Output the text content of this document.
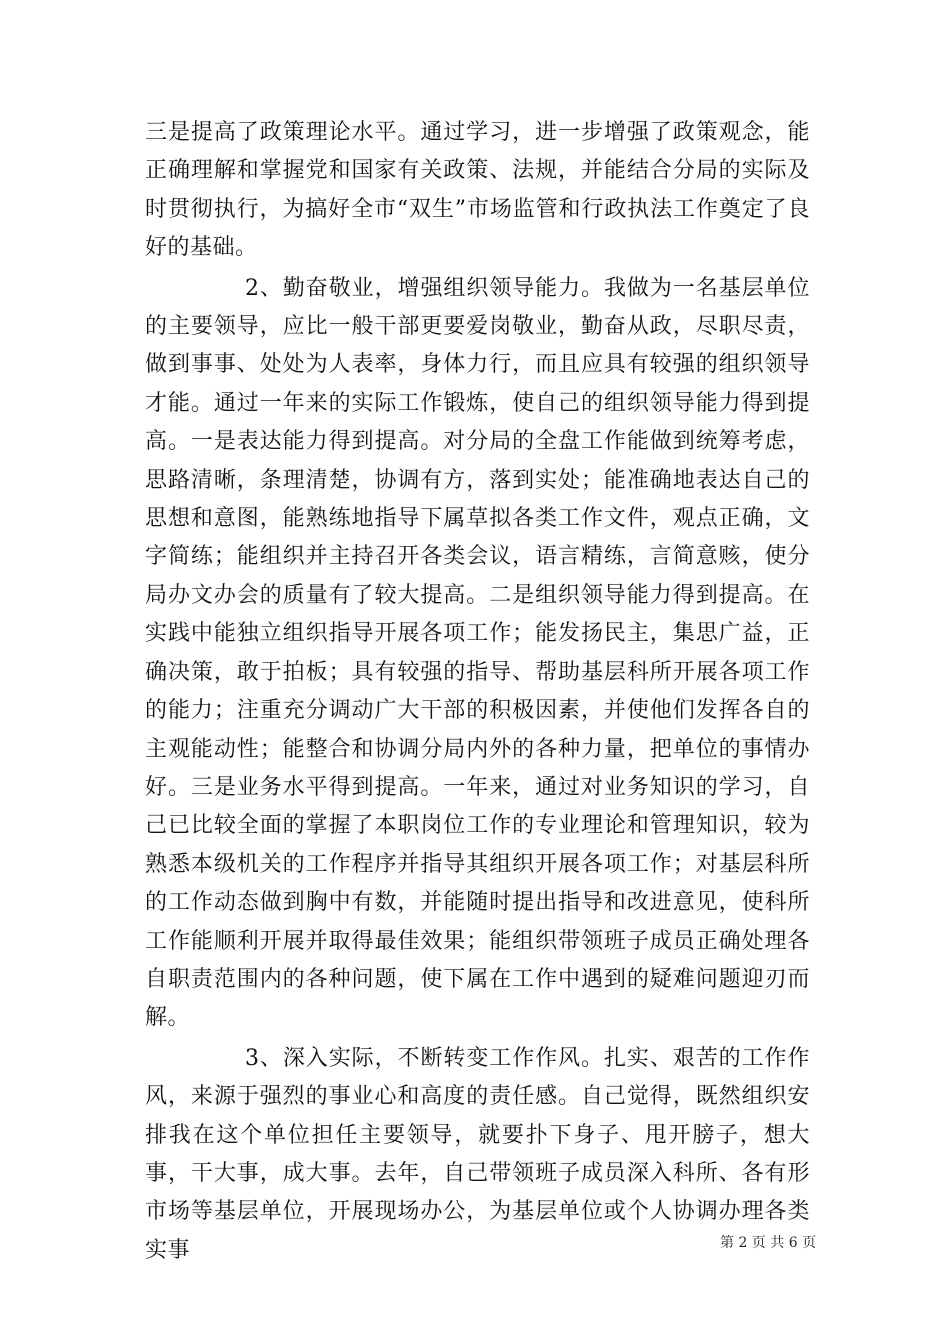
三是提高了政策理论水平。通过学习，进一步增强了政策观念，能正确理解和掌握党和国家有关政策、法规，并能结合分局的实际及时贯彻执行，为搞好全市“双生”市场监管和行政执法工作奠定了良好的基础。

2、勤奋敬业，增强组织领导能力。我做为一名基层单位的主要领导，应比一般干部更要爱岗敬业，勤奋从政，尽职尽责，做到事事、处处为人表率，身体力行，而且应具有较强的组织领导才能。通过一年来的实际工作锻炼，使自己的组织领导能力得到提高。一是表达能力得到提高。对分局的全盘工作能做到统筹考虑，思路清晰，条理清楚，协调有方，落到实处；能准确地表达自己的思想和意图，能熟练地指导下属草拟各类工作文件，观点正确，文字简练；能组织并主持召开各类会议，语言精练，言简意赅，使分局办文办会的质量有了较大提高。二是组织领导能力得到提高。在实践中能独立组织指导开展各项工作；能发扬民主，集思广益，正确决策，敢于拍板；具有较强的指导、帮助基层科所开展各项工作的能力；注重充分调动广大干部的积极因素，并使他们发挥各自的主观能动性；能整合和协调分局内外的各种力量，把单位的事情办好。三是业务水平得到提高。一年来，通过对业务知识的学习，自己已比较全面的掌握了本职岗位工作的专业理论和管理知识，较为熟悉本级机关的工作程序并指导其组织开展各项工作；对基层科所的工作动态做到胸中有数，并能随时提出指导和改进意见，使科所工作能顺利开展并取得最佳效果；能组织带领班子成员正确处理各自职责范围内的各种问题，使下属在工作中遇到的疑难问题迎刃而解。

3、深入实际，不断转变工作作风。扎实、艰苦的工作作风，来源于强烈的事业心和高度的责任感。自己觉得，既然组织安排我在这个单位担任主要领导，就要扑下身子、甩开膀子，想大事，干大事，成大事。去年，自己带领班子成员深入科所、各有形市场等基层单位，开展现场办公，为基层单位或个人协调办理各类实事	第 2 页 共 6 页
